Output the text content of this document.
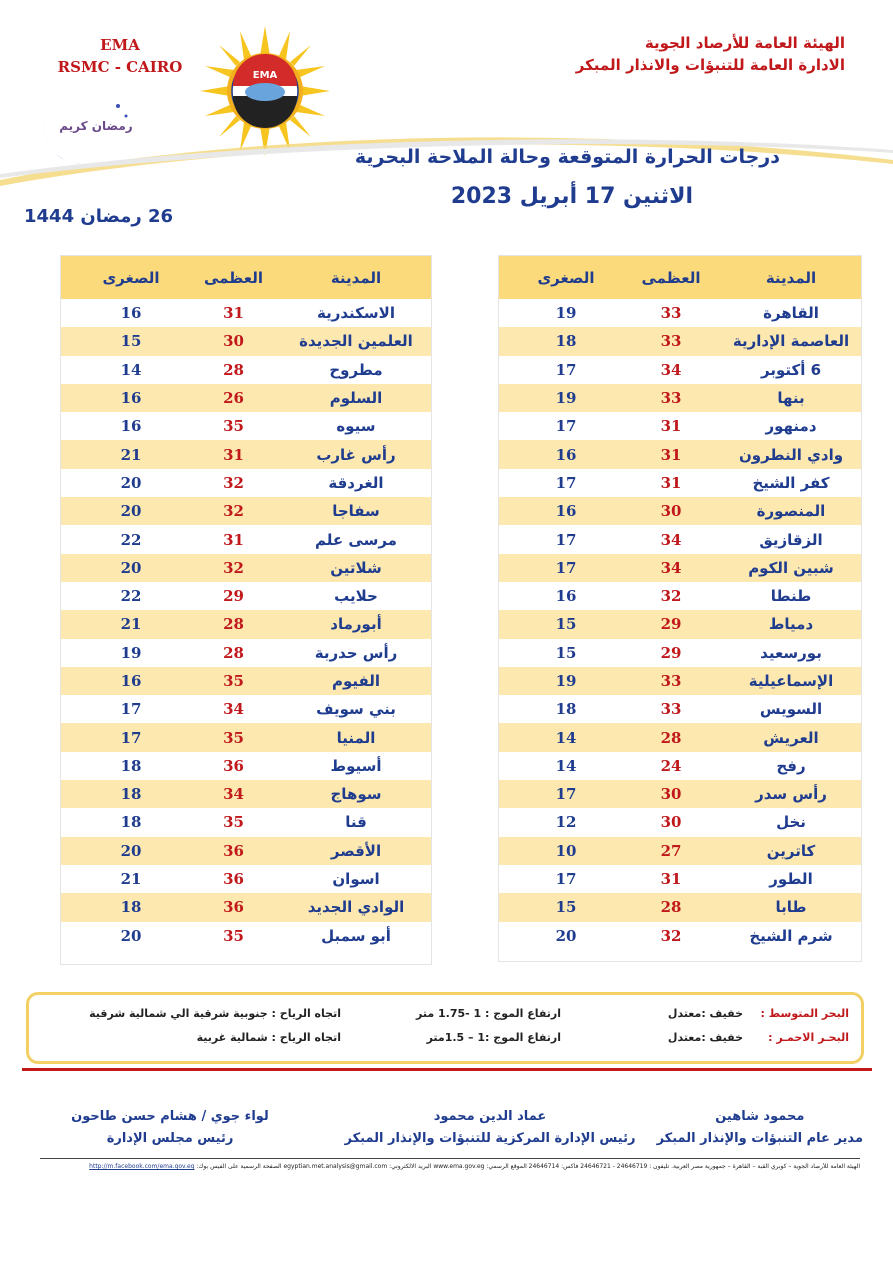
EMA
RSMC - CAIRO	EMA
رمضان كريم
الهيئة العامة للأرصاد الجوية
الادارة العامة للتنبؤات والانذار المبكر
درجات الحرارة المتوقعة وحالة الملاحة البحرية
الاثنين 17 أبريل 2023
26 رمضان 1444
المدينة
العظمى
الصغرى
القاهرة
33
19
العاصمة الإدارية
33
18
6 أكتوبر
34
17
بنها
33
19
دمنهور
31
17
وادي النطرون
31
16
كفر الشيخ
31
17
المنصورة
30
16
الزقازيق
34
17
شبين الكوم
34
17
طنطا
32
16
دمياط
29
15
بورسعيد
29
15
الإسماعيلية
33
19
السويس
33
18
العريش
28
14
رفح
24
14
رأس سدر
30
17
نخل
30
12
كاترين
27
10
الطور
31
17
طابا
28
15
شرم الشيخ
32
20
المدينة
العظمى
الصغرى
الاسكندرية
31
16
العلمين الجديدة
30
15
مطروح
28
14
السلوم
26
16
سيوه
35
16
رأس غارب
31
21
الغردقة
32
20
سفاجا
32
20
مرسى علم
31
22
شلاتين
32
20
حلايب
29
22
أبورماد
28
21
رأس حدربة
28
19
الفيوم
35
16
بني سويف
34
17
المنيا
35
17
أسيوط
36
18
سوهاج
34
18
قنا
35
18
الأقصر
36
20
اسوان
36
21
الوادي الجديد
36
18
أبو سمبل
35
20
البحر المتوسط :
خفيف :معتدل
ارتفاع الموج : 1 -1.75 متر
اتجاه الرياح : جنوبية شرقية الي شمالية شرقية
البحـر الاحمـر :
خفيف :معتدل
ارتفاع الموج :1 – 1.5متر
اتجاه الرياح : شمالية غربية
محمود شاهين
مدير عام التنبؤات والإنذار المبكر
عماد الدين محمود
رئيس الإدارة المركزية للتنبؤات والإنذار المبكر
لواء جوي / هشام حسن طاحون
رئيس مجلس الإدارة
الهيئة العامة للأرصاد الجوية – كوبري القبة – القاهرة – جمهورية مصر العربية. تليفون : 24646719 - 24646721 فاكس: 24646714 الموقع الرسمي: www.ema.gov.eg البريد الالكتروني: egyptian.met.analysis@gmail.com الصفحة الرسمية على الفيس بوك: http://m.facebook.com/ema.gov.eg
